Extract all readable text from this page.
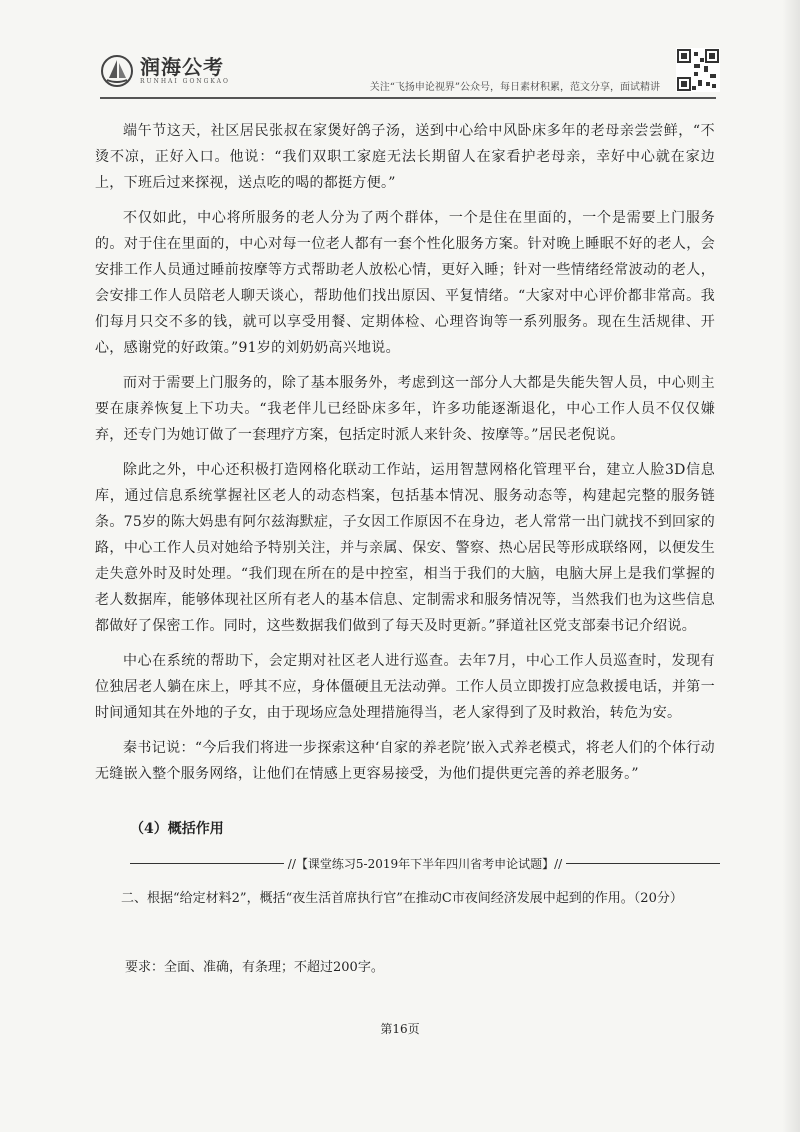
润海公考
RUNHAI GONGKAO
关注“飞扬申论视界”公众号，每日素材积累，范文分享，面试精讲

端午节这天，社区居民张叔在家煲好鸽子汤，送到中心给中风卧床多年的老母亲尝尝鲜，“不烫不凉，正好入口。他说：“我们双职工家庭无法长期留人在家看护老母亲，幸好中心就在家边上，下班后过来探视，送点吃的喝的都挺方便。”

不仅如此，中心将所服务的老人分为了两个群体，一个是住在里面的，一个是需要上门服务的。对于住在里面的，中心对每一位老人都有一套个性化服务方案。针对晚上睡眠不好的老人，会安排工作人员通过睡前按摩等方式帮助老人放松心情，更好入睡；针对一些情绪经常波动的老人，会安排工作人员陪老人聊天谈心，帮助他们找出原因、平复情绪。“大家对中心评价都非常高。我们每月只交不多的钱，就可以享受用餐、定期体检、心理咨询等一系列服务。现在生活规律、开心，感谢党的好政策。”91岁的刘奶奶高兴地说。

而对于需要上门服务的，除了基本服务外，考虑到这一部分人大都是失能失智人员，中心则主要在康养恢复上下功夫。“我老伴儿已经卧床多年，许多功能逐渐退化，中心工作人员不仅仅嫌弃，还专门为她订做了一套理疗方案，包括定时派人来针灸、按摩等。”居民老倪说。

除此之外，中心还积极打造网格化联动工作站，运用智慧网格化管理平台，建立人脸3D信息库，通过信息系统掌握社区老人的动态档案，包括基本情况、服务动态等，构建起完整的服务链条。75岁的陈大妈患有阿尔兹海默症，子女因工作原因不在身边，老人常常一出门就找不到回家的路，中心工作人员对她给予特别关注，并与亲属、保安、警察、热心居民等形成联络网，以便发生走失意外时及时处理。“我们现在所在的是中控室，相当于我们的大脑，电脑大屏上是我们掌握的老人数据库，能够体现社区所有老人的基本信息、定制需求和服务情况等，当然我们也为这些信息都做好了保密工作。同时，这些数据我们做到了每天及时更新。”驿道社区党支部秦书记介绍说。

中心在系统的帮助下，会定期对社区老人进行巡查。去年7月，中心工作人员巡查时，发现有位独居老人躺在床上，呼其不应，身体僵硬且无法动弹。工作人员立即拨打应急救援电话，并第一时间通知其在外地的子女，由于现场应急处理措施得当，老人家得到了及时救治，转危为安。

秦书记说：“今后我们将进一步探索这种‘自家的养老院’嵌入式养老模式，将老人们的个体行动无缝嵌入整个服务网络，让他们在情感上更容易接受，为他们提供更完善的养老服务。”

（4）概括作用
//【课堂练习5-2019年下半年四川省考申论试题】//
二、根据“给定材料2”，概括“夜生活首席执行官”在推动C市夜间经济发展中起到的作用。（20分）
要求：全面、准确，有条理；不超过200字。
第16页
